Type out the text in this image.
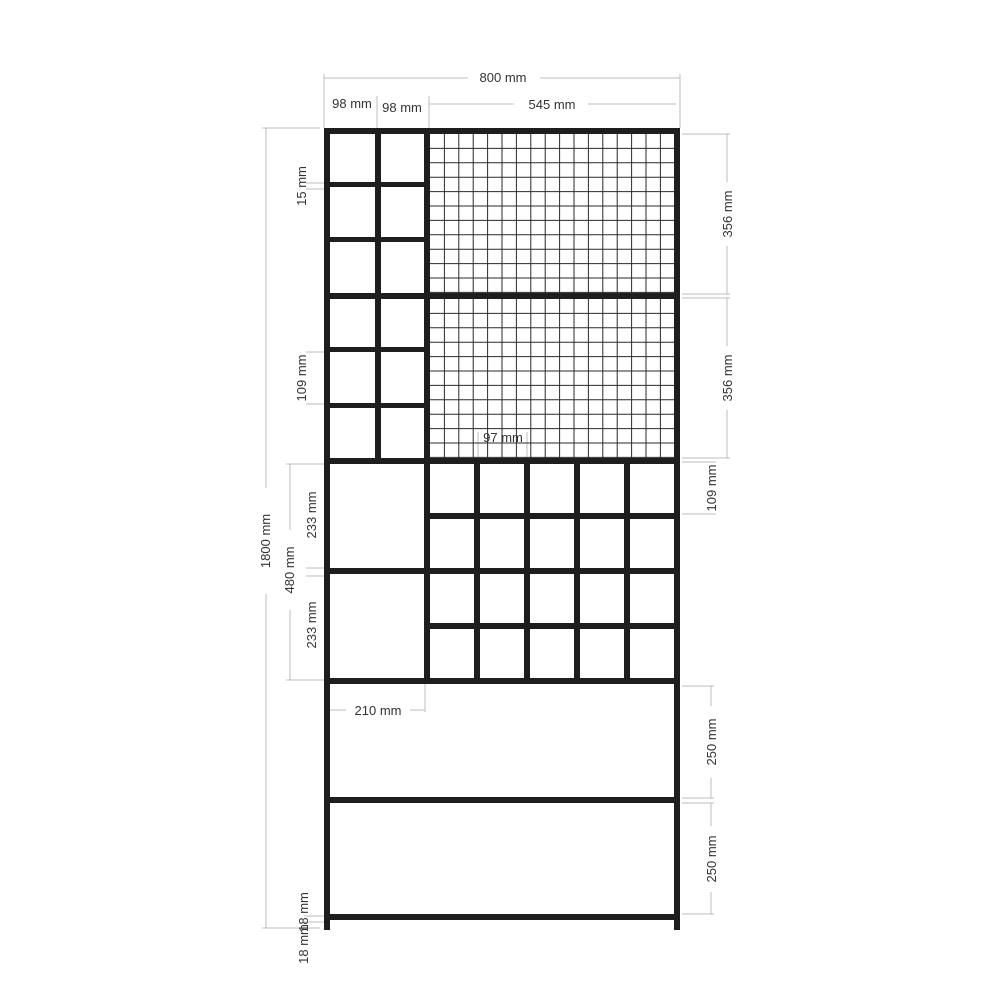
800 mm
98 mm 98 mm	545 mm
1800 mm
15 mm
109 mm
480 mm
233 mm
233 mm
210 mm
18 mm
18 mm
356 mm
356 mm
109 mm
250 mm
250 mm
97 mm
